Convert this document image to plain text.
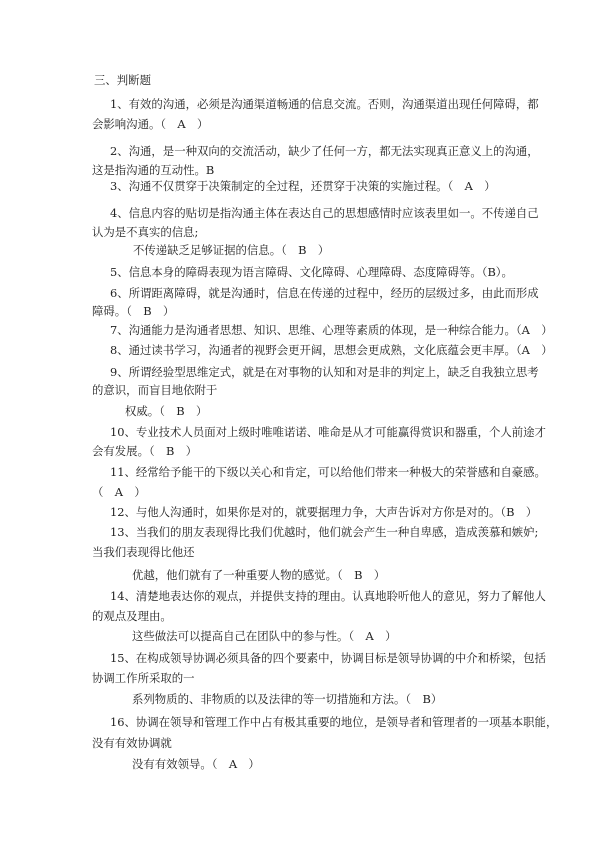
三、判断题
1、有效的沟通，必须是沟通渠道畅通的信息交流。否则，沟通渠道出现任何障碍，都
会影响沟通。（　A　）
2、沟通，是一种双向的交流活动，缺少了任何一方，都无法实现真正意义上的沟通，
这是指沟通的互动性。B
3、沟通不仅贯穿于决策制定的全过程，还贯穿于决策的实施过程。（　A　）
4、信息内容的贴切是指沟通主体在表达自己的思想感情时应该表里如一。不传递自己
认为是不真实的信息;
不传递缺乏足够证据的信息。（　B　）
5、信息本身的障碍表现为语言障碍、文化障碍、心理障碍、态度障碍等。（B）。
6、所谓距离障碍，就是沟通时，信息在传递的过程中，经历的层级过多，由此而形成
障碍。（　B　）
7、沟通能力是沟通者思想、知识、思维、心理等素质的体现，是一种综合能力。（A　）
8、通过读书学习，沟通者的视野会更开阔，思想会更成熟，文化底蕴会更丰厚。（A　）
9、所谓经验型思维定式，就是在对事物的认知和对是非的判定上，缺乏自我独立思考
的意识，而盲目地依附于
权威。（　B　）
10、专业技术人员面对上级时唯唯诺诺、唯命是从才可能赢得赏识和器重，个人前途才
会有发展。（　B　）
11、经常给予能干的下级以关心和肯定，可以给他们带来一种极大的荣誉感和自豪感。
（　A　）
12、与他人沟通时，如果你是对的，就要据理力争，大声告诉对方你是对的。（B　）
13、当我们的朋友表现得比我们优越时，他们就会产生一种自卑感，造成羡慕和嫉妒;
当我们表现得比他还
优越，他们就有了一种重要人物的感觉。（　B　）
14、清楚地表达你的观点，并提供支持的理由。认真地聆听他人的意见，努力了解他人
的观点及理由。
这些做法可以提高自己在团队中的参与性。（　A　）
15、在构成领导协调必须具备的四个要素中，协调目标是领导协调的中介和桥梁，包括
协调工作所采取的一
系列物质的、非物质的以及法律的等一切措施和方法。（　B）
16、协调在领导和管理工作中占有极其重要的地位，是领导者和管理者的一项基本职能，
没有有效协调就
没有有效领导。（　A　）
